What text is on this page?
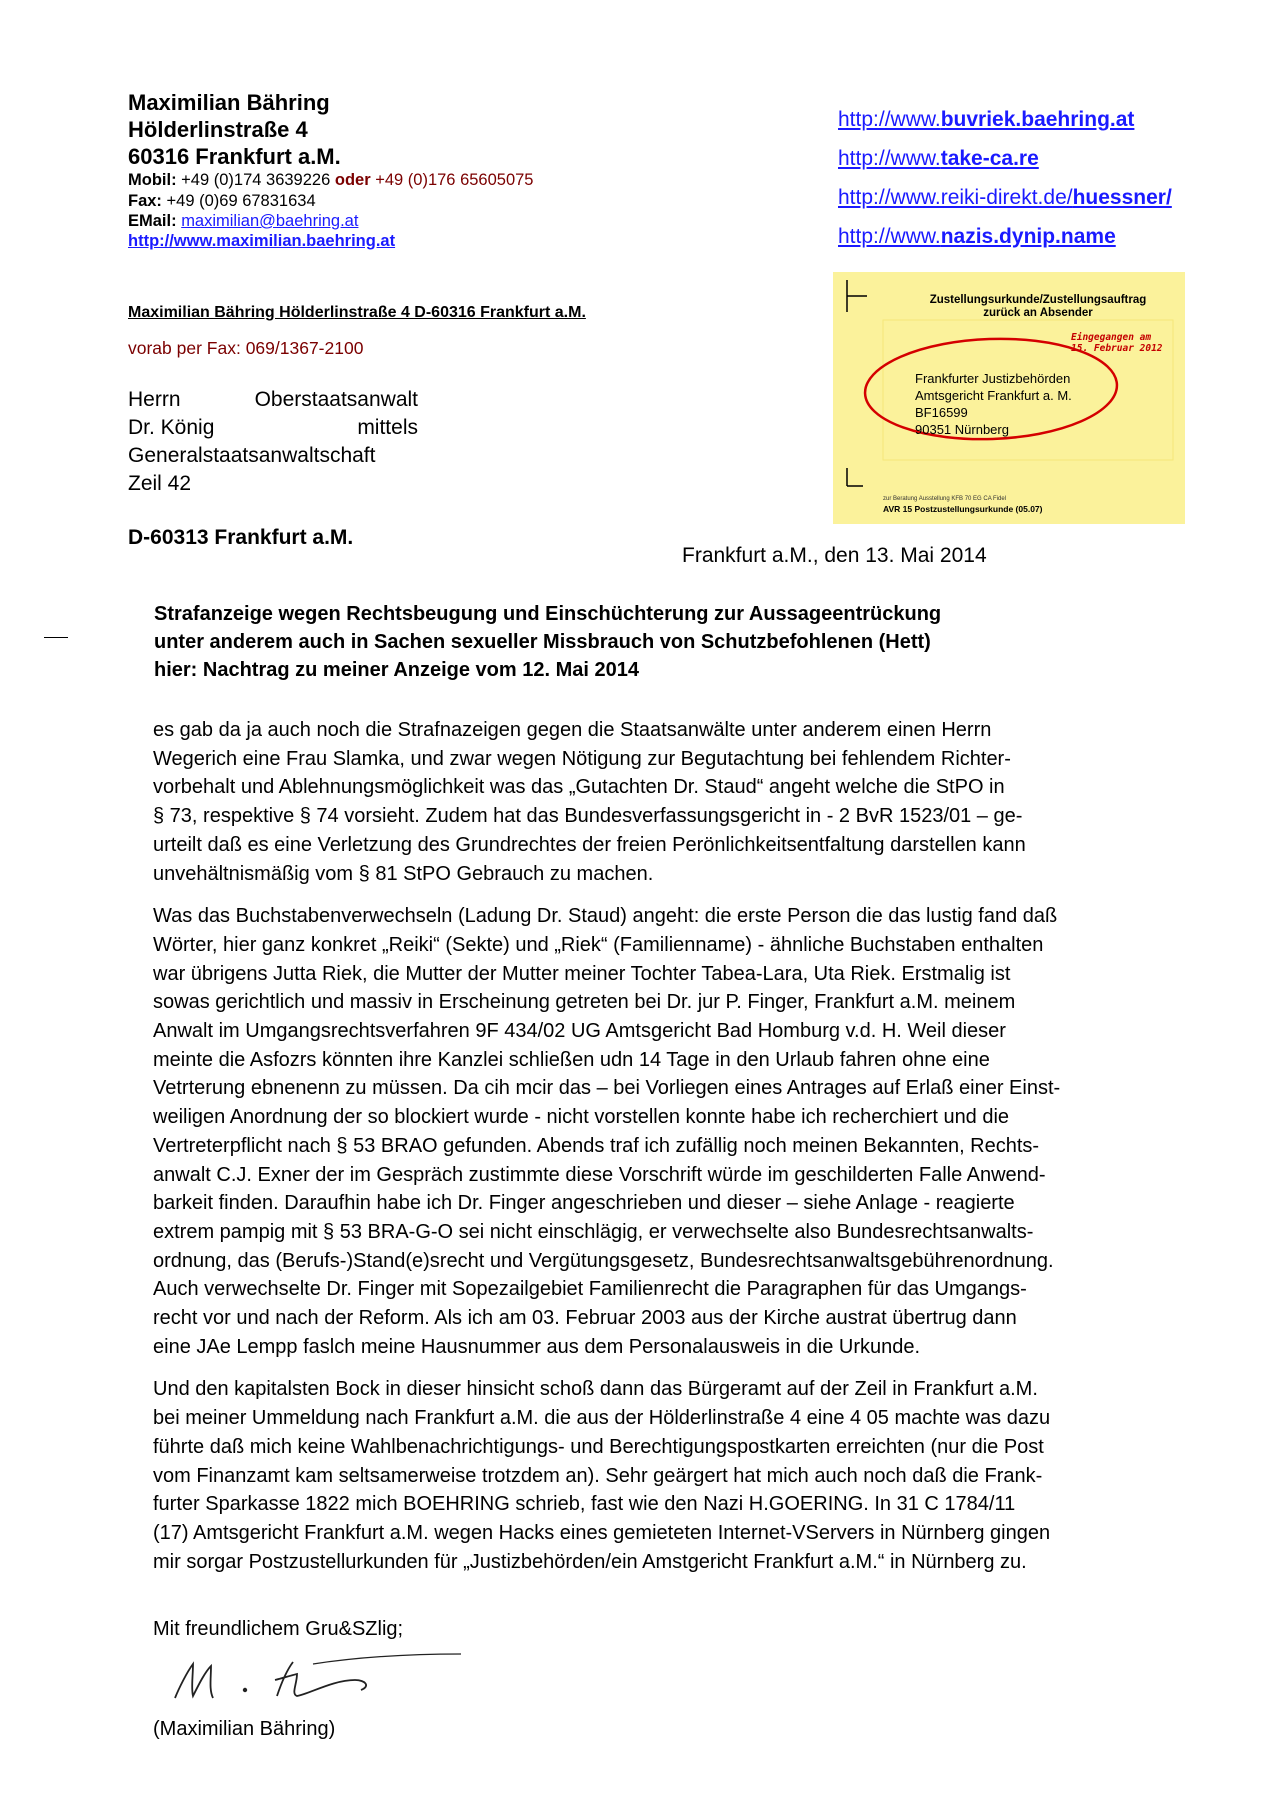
Maximilian Bähring
Hölderlinstraße 4
60316 Frankfurt a.M.
Mobil: +49 (0)174 3639226 oder +49 (0)176 65605075
Fax: +49 (0)69 67831634
EMail: maximilian@baehring.at
http://www.maximilian.baehring.at
http://www.buvriek.baehring.at
http://www.take-ca.re
http://www.reiki-direkt.de/huessner/
http://www.nazis.dynip.name
Maximilian Bähring Hölderlinstraße 4 D-60316 Frankfurt a.M.
vorab per Fax: 069/1367-2100
Herrn	Oberstaatsanwalt
Dr. König	mittels
Generalstaatsanwaltschaft
Zeil 42
D-60313 Frankfurt a.M.
Zustellungsurkunde/Zustellungsauftrag
zurück an Absender
Eingegangen am
15. Februar 2012
Frankfurter Justizbehörden
Amtsgericht Frankfurt a. M.
BF16599
90351 Nürnberg
zur Beratung Ausstellung KFB 70 EG CA Fidel
AVR 15 Postzustellungsurkunde (05.07)
Frankfurt a.M., den 13. Mai 2014
Strafanzeige wegen Rechtsbeugung und Einschüchterung zur Aussageentrückung
unter anderem auch in Sachen sexueller Missbrauch von Schutzbefohlenen (Hett)
hier: Nachtrag zu meiner Anzeige vom 12. Mai 2014

es gab da ja auch noch die Strafnazeigen gegen die Staatsanwälte unter anderem einen Herrn
Wegerich eine Frau Slamka, und zwar wegen Nötigung zur Begutachtung bei fehlendem Richter-
vorbehalt und Ablehnungsmöglichkeit was das „Gutachten Dr. Staud“ angeht welche die StPO in
§ 73, respektive § 74 vorsieht. Zudem hat das Bundesverfassungsgericht in - 2 BvR 1523/01 – ge-
urteilt daß es eine Verletzung des Grundrechtes der freien Perönlichkeitsentfaltung darstellen kann
unvehältnismäßig vom § 81 StPO Gebrauch zu machen.

Was das Buchstabenverwechseln (Ladung Dr. Staud) angeht: die erste Person die das lustig fand daß
Wörter, hier ganz konkret „Reiki“ (Sekte) und „Riek“ (Familienname) - ähnliche Buchstaben enthalten
war übrigens Jutta Riek, die Mutter der Mutter meiner Tochter Tabea-Lara, Uta Riek. Erstmalig ist
sowas gerichtlich und massiv in Erscheinung getreten bei Dr. jur P. Finger, Frankfurt a.M. meinem
Anwalt im Umgangsrechtsverfahren 9F 434/02 UG Amtsgericht Bad Homburg v.d. H. Weil dieser
meinte die Asfozrs könnten ihre Kanzlei schließen udn 14 Tage in den Urlaub fahren ohne eine
Vetrterung ebnenenn zu müssen. Da cih mcir das – bei Vorliegen eines Antrages auf Erlaß einer Einst-
weiligen Anordnung der so blockiert wurde - nicht vorstellen konnte habe ich recherchiert und die
Vertreterpflicht nach § 53 BRAO gefunden. Abends traf ich zufällig noch meinen Bekannten, Rechts-
anwalt C.J. Exner der im Gespräch zustimmte diese Vorschrift würde im geschilderten Falle Anwend-
barkeit finden. Daraufhin habe ich Dr. Finger angeschrieben und dieser – siehe Anlage - reagierte
extrem pampig mit § 53 BRA-G-O sei nicht einschlägig, er verwechselte also Bundesrechtsanwalts-
ordnung, das (Berufs-)Stand(e)srecht und Vergütungsgesetz, Bundesrechtsanwaltsgebührenordnung.
Auch verwechselte Dr. Finger mit Sopezailgebiet Familienrecht die Paragraphen für das Umgangs-
recht vor und nach der Reform. Als ich am 03. Februar 2003 aus der Kirche austrat übertrug dann
eine JAe Lempp faslch meine Hausnummer aus dem Personalausweis in die Urkunde.

Und den kapitalsten Bock in dieser hinsicht schoß dann das Bürgeramt auf der Zeil in Frankfurt a.M.
bei meiner Ummeldung nach Frankfurt a.M. die aus der Hölderlinstraße 4 eine 4 05 machte was dazu
führte daß mich keine Wahlbenachrichtigungs- und Berechtigungspostkarten erreichten (nur die Post
vom Finanzamt kam seltsamerweise trotzdem an). Sehr geärgert hat mich auch noch daß die Frank-
furter Sparkasse 1822 mich BOEHRING schrieb, fast wie den Nazi H.GOERING. In 31 C 1784/11
(17) Amtsgericht Frankfurt a.M. wegen Hacks eines gemieteten Internet-VServers in Nürnberg gingen
mir sorgar Postzustellurkunden für „Justizbehörden/ein Amstgericht Frankfurt a.M.“ in Nürnberg zu.

Mit freundlichem Gru&SZlig;
(Maximilian Bähring)
